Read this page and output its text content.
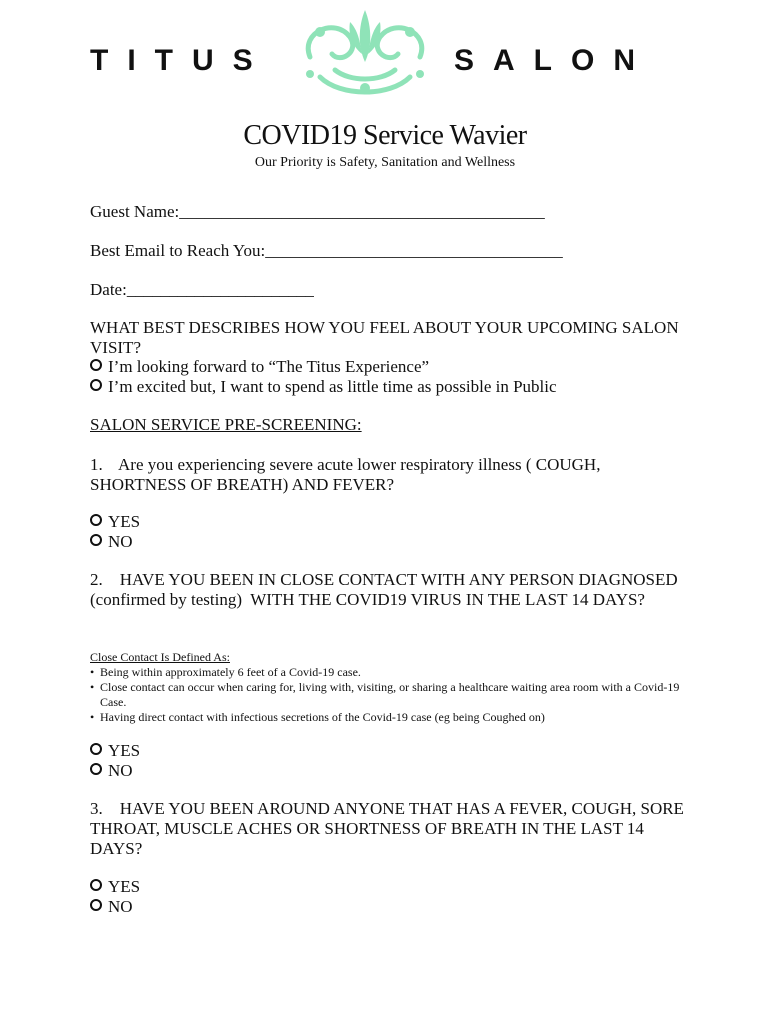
TITUS	SALON
COVID19 Service Wavier
Our Priority is Safety, Sanitation and Wellness
Guest Name:___________________________________________
Best Email to Reach You:___________________________________
Date:______________________
WHAT BEST DESCRIBES HOW YOU FEEL ABOUT YOUR UPCOMING SALON VISIT?
I’m looking forward to “The Titus Experience”
I’m excited but, I want to spend as little time as possible in Public
SALON SERVICE PRE-SCREENING:
1. Are you experiencing severe acute lower respiratory illness ( COUGH, SHORTNESS OF BREATH) AND FEVER?
YES
NO
2.    HAVE YOU BEEN IN CLOSE CONTACT WITH ANY PERSON DIAGNOSED (confirmed by testing)  WITH THE COVID19 VIRUS IN THE LAST 14 DAYS?
Close Contact Is Defined As:
• Being within approximately 6 feet of a Covid-19 case.
• Close contact can occur when caring for, living with, visiting, or sharing a healthcare waiting area room with a Covid-19 Case.
• Having direct contact with infectious secretions of the Covid-19 case (eg being Coughed on)
YES
NO
3.    HAVE YOU BEEN AROUND ANYONE THAT HAS A FEVER, COUGH, SORE THROAT, MUSCLE ACHES OR SHORTNESS OF BREATH IN THE LAST 14 DAYS?
YES
NO
